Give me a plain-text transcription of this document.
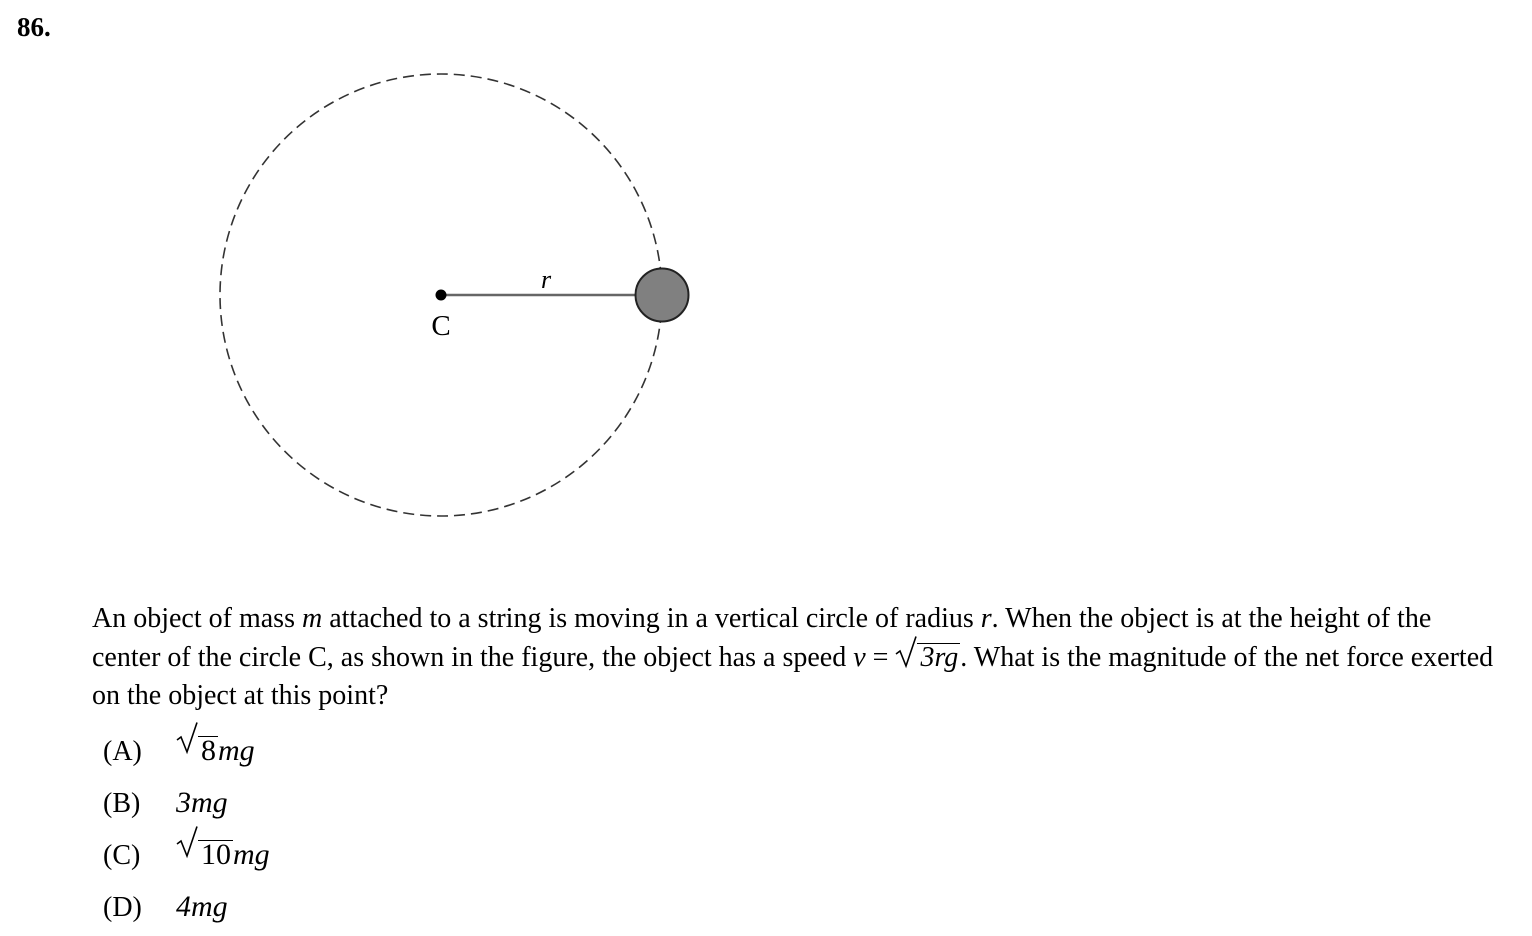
86.
r
C
An object of mass m attached to a string is moving in a vertical circle of radius r. When the object is at the height of the center of the circle C, as shown in the figure, the object has a speed v =
3rg. What is the magnitude of the net force exerted on the object at this point?
(A)	8mg
(B)	3mg
(C)	10mg
(D)	4mg
